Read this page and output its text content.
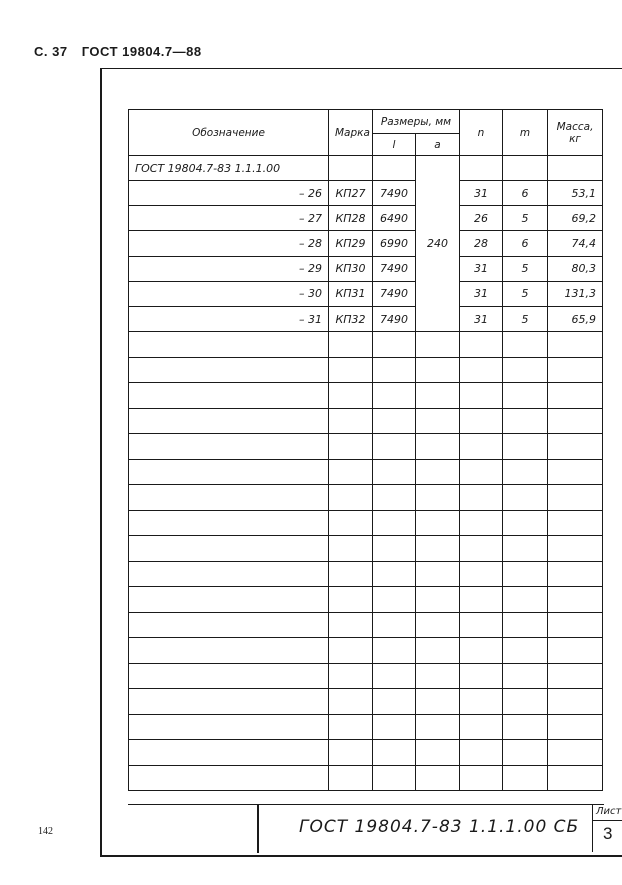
С. 37 ГОСТ 19804.7—88
142
Обозначение	Марка	Размеры, мм		n	m	Масса, кг
		l	a			
ГОСТ 19804.7-83 1.1.1.00			240			
– 26	КП27	7490		31	6	53,1
– 27	КП28	6490		26	5	69,2
– 28	КП29	6990		28	6	74,4
– 29	КП30	7490		31	5	80,3
– 30	КП31	7490		31	5	131,3
– 31	КП32	7490		31	5	65,9

ГОСТ 19804.7-83 1.1.1.00 СБ
Лист
3
